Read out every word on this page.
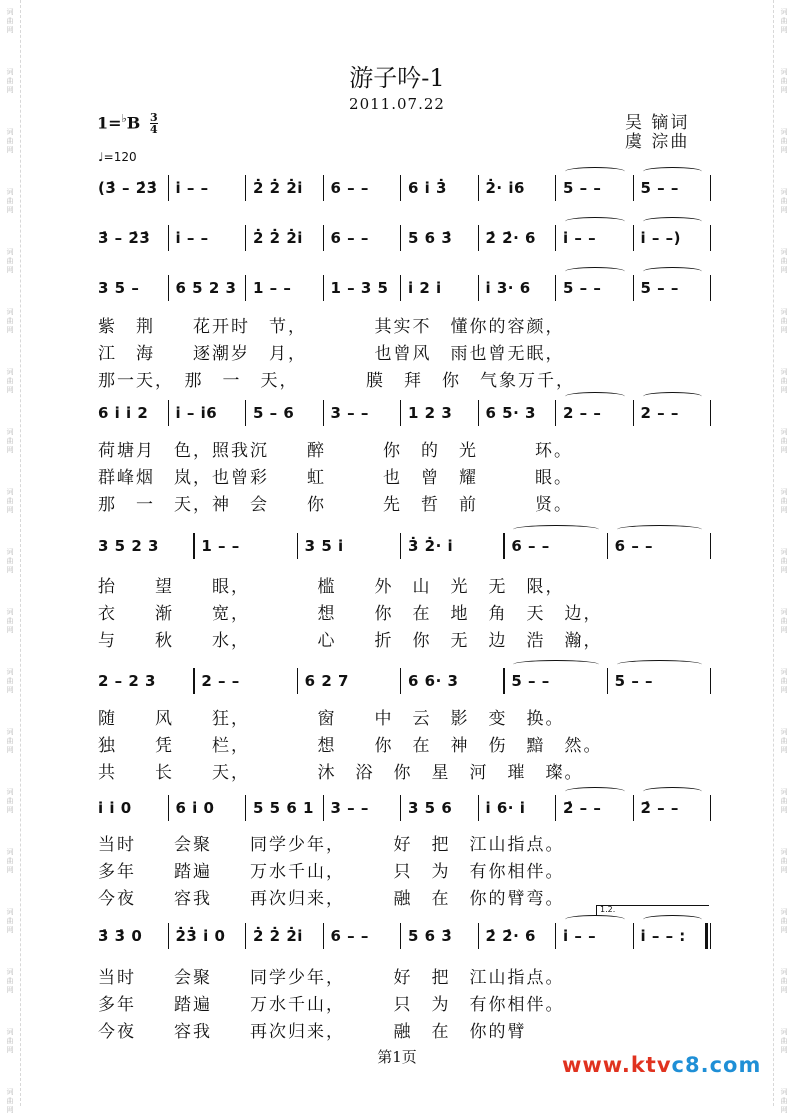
词
曲
网
词
曲
网
词
曲
网
词
曲
网
词
曲
网
词
曲
网
词
曲
网
词
曲
网
词
曲
网
词
曲
网
词
曲
网
词
曲
网
词
曲
网
词
曲
网
词
曲
网
词
曲
网
词
曲
网
词
曲
网
词
曲
网
词
曲
网
词
曲
网
词
曲
网
词
曲
网
词
曲
网
词
曲
网
词
曲
网
词
曲
网
词
曲
网
词
曲
网
词
曲
网
词
曲
网
词
曲
网
词
曲
网
词
曲
网
词
曲
网
词
曲
网
词
曲
网
词
曲
网
游子吟-1
2011.07.22
1=♭B 3
4	吴 镝词
虞 淙曲
♩=120
(3̇ – 2̇3̇ i – –	2̇ 2̇ 2̇i 6 – –	6 i 3̇	2̇· i6	5 – –	5 – –
3̇ – 2̇3̇ i – –	2̇ 2̇ 2̇i 6 – –	5 6 3̇ 2̇ 2̇· 6 i – –	i – –)
3 5 – 6 5 2 3 1 – –	1 – 3 5 i 2 i	i 3· 6 5 – –	5 – –
紫　荆　　花开时　节，　　　　其实不　懂你的容颜，
江　海　　逐潮岁　月，　　　　也曾风　雨也曾无眠，
那一天，　那　一　天，　　　　膜　拜　你　气象万千，
6 i i 2 i – i6 5 – 6 3 – –	1 2 3 6 5· 3 2 – –	2 – –
荷塘月　色，照我沉　　醉　　　你　的　光　　　环。
群峰烟　岚，也曾彩　　虹　　　也　曾　耀　　　眼。
那　一　天，神　会　　你　　　先　哲　前　　　贤。
3 5 2 3	1 – –	3 5 i	3̇ 2̇· i	6 – –	6 – –
抬　　望　　眼，　　　　槛　　外　山　光　无　限，
衣　　渐　　宽，　　　　想　　你　在　地　角　天　边，
与　　秋　　水，　　　　心　　折　你　无　边　浩　瀚，
2 – 2 3	2 – –	6 2 7	6 6· 3	5 – –	5 – –
随　　风　　狂，　　　　窗　　中　云　影　变　换。
独　　凭　　栏，　　　　想　　你　在　神　伤　黯　然。
共　　长　　天，　　　　沐　浴　你　星　河　璀　璨。
i i 0	6 i 0	5 5 6 1 3 – –	3 5 6 i 6· i	2̇ – –	2̇ – –
当时　　会聚　　同学少年，　　　好　把　江山指点。
多年　　踏遍　　万水千山，　　　只　为　有你相伴。
今夜　　容我　　再次归来，　　　融　在　你的臂弯。
3̇ 3̇ 0 2̇3̇ i 0 2̇ 2̇ 2̇i 6 – –	5 6 3̇ 2̇ 2̇· 6 i – –	i – – :
当时　　会聚　　同学少年，　　　好　把　江山指点。
多年　　踏遍　　万水千山，　　　只　为　有你相伴。
今夜　　容我　　再次归来，　　　融　在　你的臂
1.2.
第1页	www.ktvc8.com
